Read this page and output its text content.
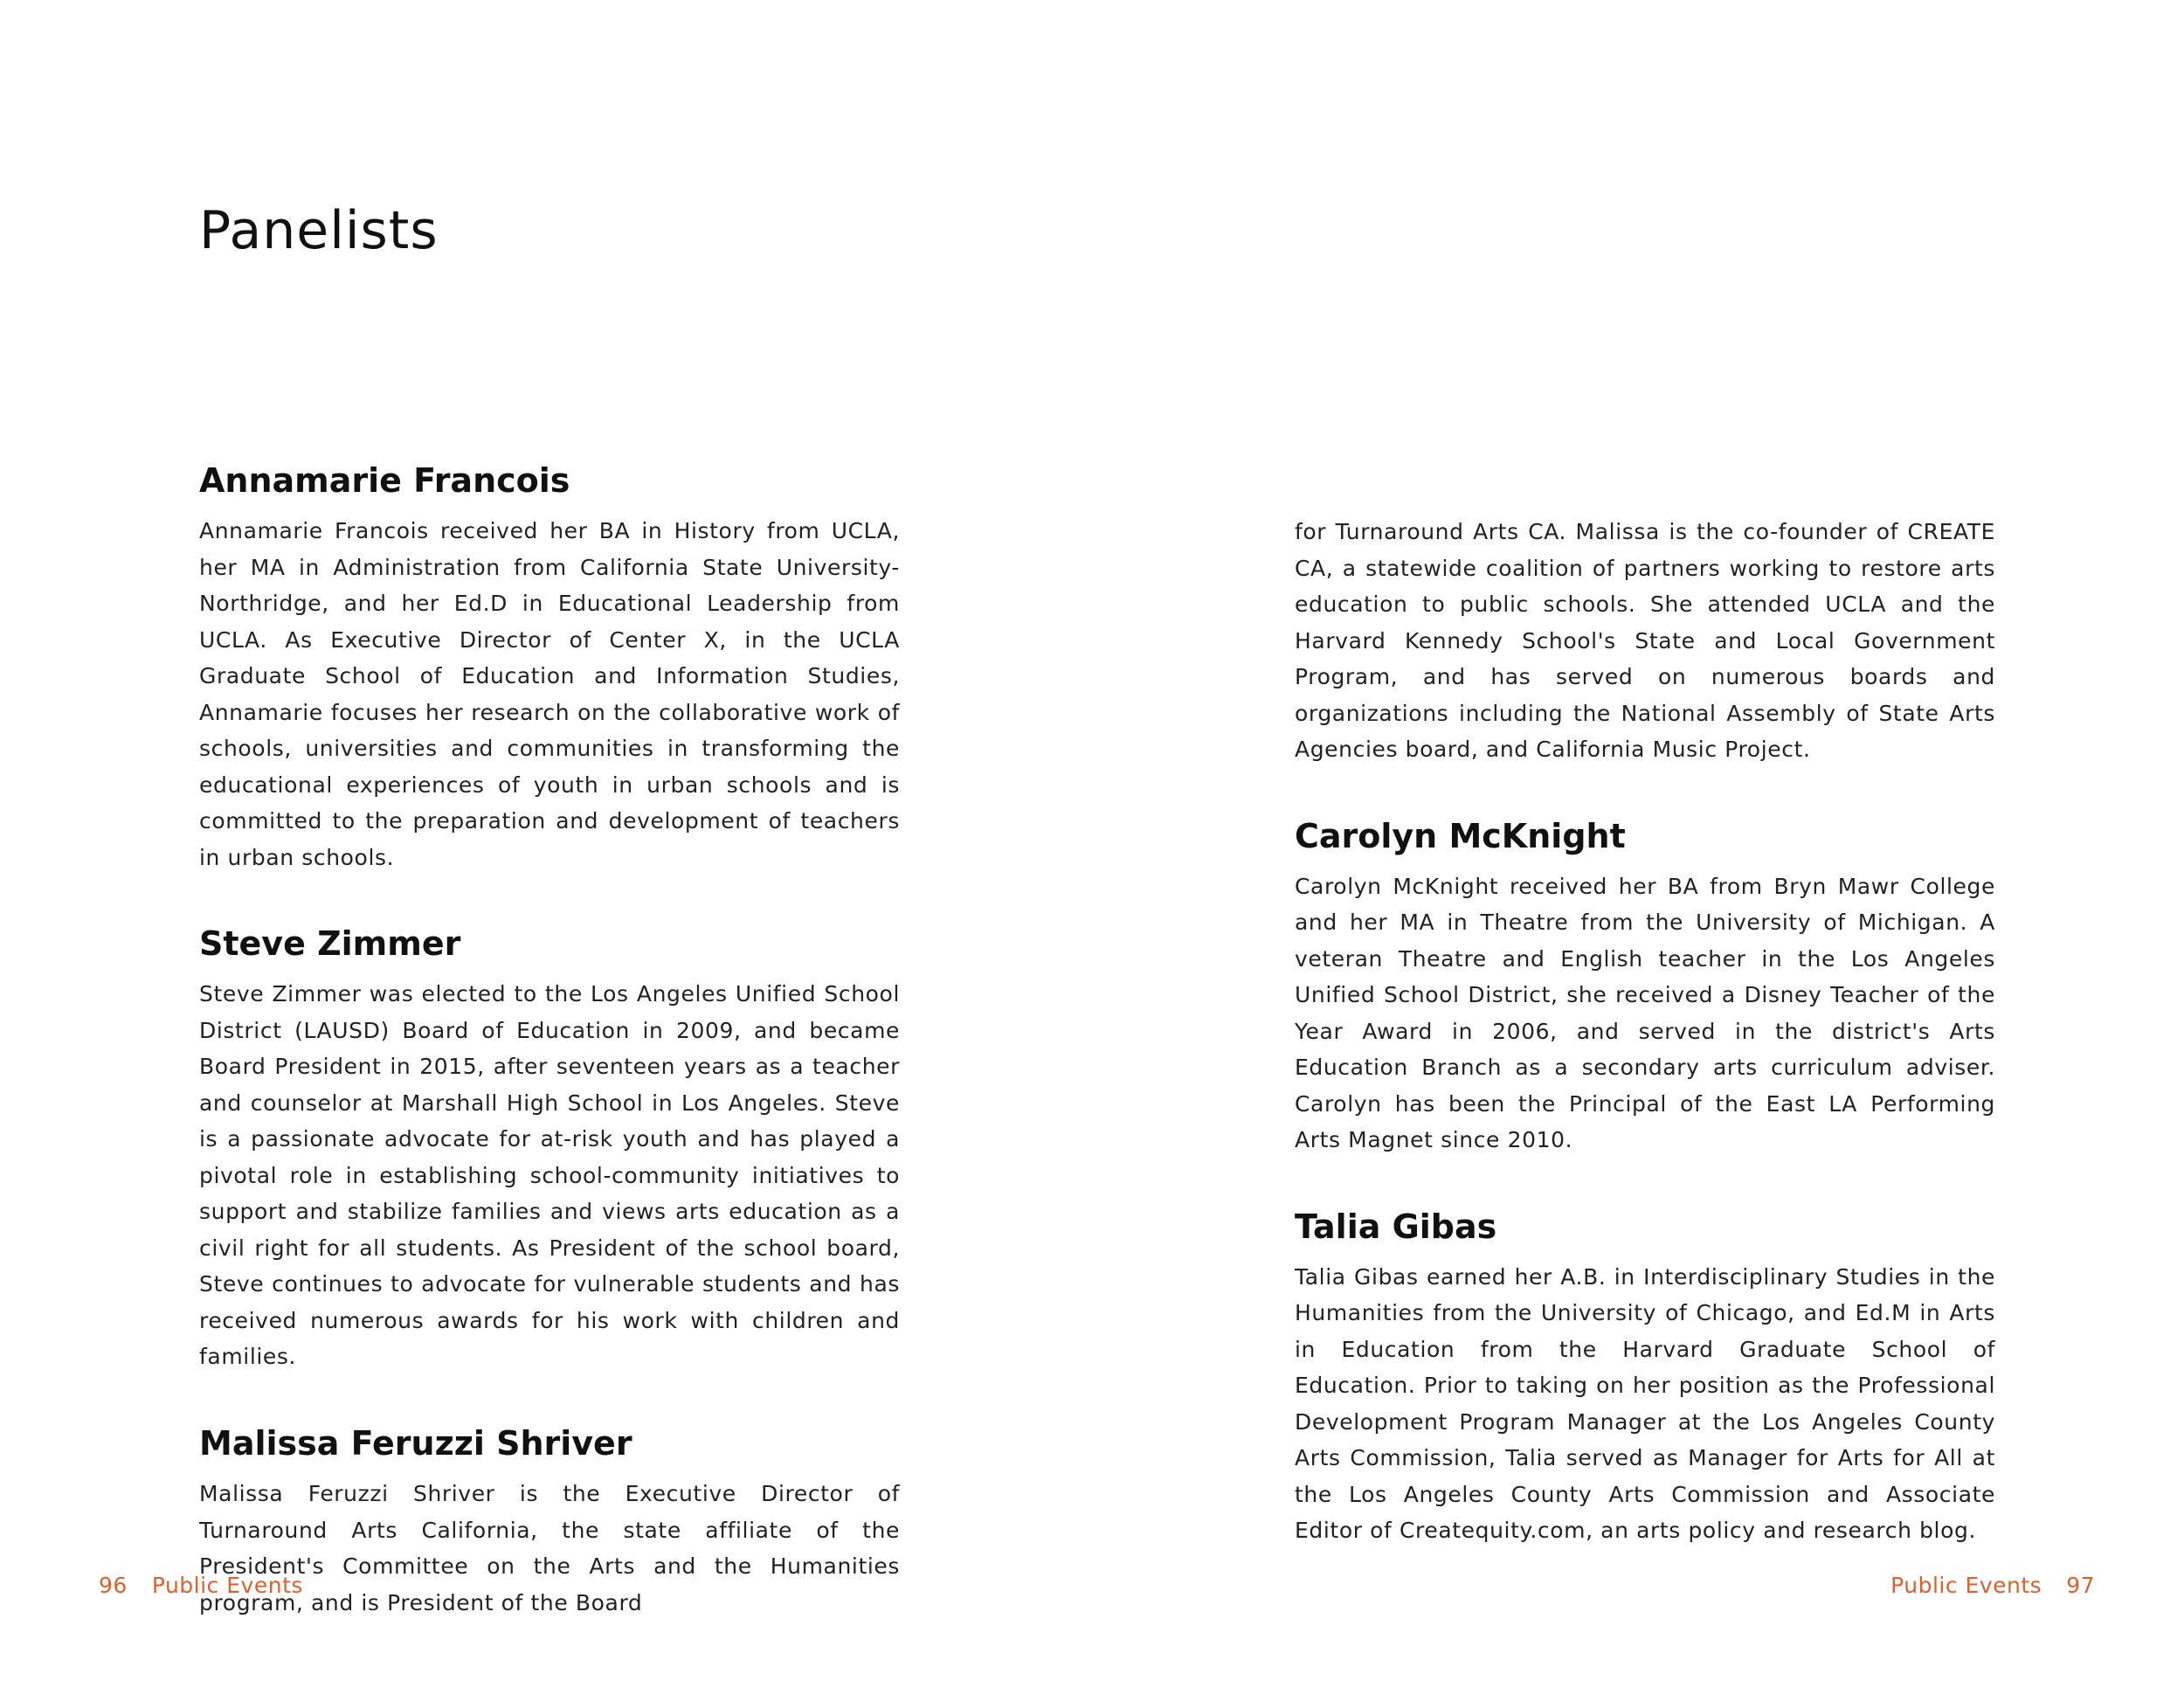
Panelists
Annamarie Francois

Annamarie Francois received her BA in History from UCLA, her MA in Administration from California State University- Northridge, and her Ed.D in Educational Leadership from UCLA. As Executive Director of Center X, in the UCLA Graduate School of Education and Information Studies, Annamarie focuses her research on the collaborative work of schools, universities and communities in transforming the educational experiences of youth in urban schools and is committed to the preparation and development of teachers in urban schools.

Steve Zimmer

Steve Zimmer was elected to the Los Angeles Unified School District (LAUSD) Board of Education in 2009, and became Board President in 2015, after seventeen years as a teacher and counselor at Marshall High School in Los Angeles. Steve is a passionate advocate for at-risk youth and has played a pivotal role in establishing school-community initiatives to support and stabilize families and views arts education as a civil right for all students. As President of the school board, Steve continues to advocate for vulnerable students and has received numerous awards for his work with children and families.

Malissa Feruzzi Shriver

Malissa Feruzzi Shriver is the Executive Director of Turnaround Arts California, the state affiliate of the President's Committee on the Arts and the Humanities program, and is President of the Board

for Turnaround Arts CA. Malissa is the co-founder of CREATE CA, a statewide coalition of partners working to restore arts education to public schools. She attended UCLA and the Harvard Kennedy School's State and Local Government Program, and has served on numerous boards and organizations including the National Assembly of State Arts Agencies board, and California Music Project.

Carolyn McKnight

Carolyn McKnight received her BA from Bryn Mawr College and her MA in Theatre from the University of Michigan. A veteran Theatre and English teacher in the Los Angeles Unified School District, she received a Disney Teacher of the Year Award in 2006, and served in the district's Arts Education Branch as a secondary arts curriculum adviser. Carolyn has been the Principal of the East LA Performing Arts Magnet since 2010.

Talia Gibas

Talia Gibas earned her A.B. in Interdisciplinary Studies in the Humanities from the University of Chicago, and Ed.M in Arts in Education from the Harvard Graduate School of Education. Prior to taking on her position as the Professional Development Program Manager at the Los Angeles County Arts Commission, Talia served as Manager for Arts for All at the Los Angeles County Arts Commission and Associate Editor of Createquity.com, an arts policy and research blog.

96 Public Events	Public Events 97
